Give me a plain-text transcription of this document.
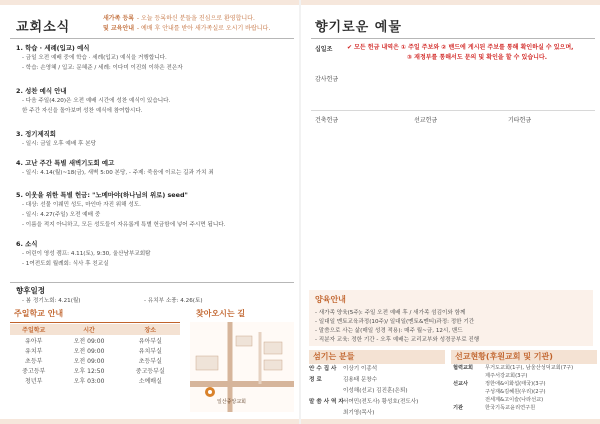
교회소식
새가족 등록 - 오늘 등록하신 분들을 진심으로 환영합니다.
및 교육안내 - 예배 후 안내를 받아 새가족실로 오시기 바랍니다.
1. 학습 · 세례(입교) 예식
- 금일 오전 예배 중에 학습 · 세례(입교) 예식을 거행합니다.
- 학습: 손영혜 / 입교: 문혜준 / 세례: 이다미 이진희 이하은 전은자
2. 성찬 예식 안내
- 다음 주일(4.20)은 오전 예배 시간에 성찬 예식이 있습니다.
한 주간 자신을 돌아보며 성찬 예식에 참여합시다.
3. 정기제직회
- 일시: 금일 오후 예배 후 본당
4. 고난 주간 특별 새벽기도회 예고
- 일시: 4.14(월)~18(금), 새벽 5:00 본당, - 주제: 죽음에 이르는 길과 가치 죄
5. 이웃을 위한 특별 헌금: "노메마야(하나님의 위로) seed"
- 대상: 선물 이웨민 성도, 마인마 자진 위해 성도.
- 일시: 4.27(주일) 오전 예배 중
- 이름을 적지 아니하고, 모든 성도들이 자유롭게 특별 헌금함에 넣어 주시면 됩니다.
6. 소식
- 어린이 영성 캠프: 4.11(토), 9:30, 울산남부교회탐
- 1여전도회 월례회: 식사 후 친교실
향후일정
- 봄 정기노회: 4.21(월)	- 유치부 소풍: 4.26(토)
주일학교 안내
주일학교	시간	장소
유아부	오전 09:00	유아부실
유치부	오전 09:00	유치부실
초등부	오전 09:00	초등부실
중고등부	오후 12:50	중고등부실
청년부	오후 03:00	소예배실
찾아오시는 길
일산중앙교회
향기로운 예물
십일조 ✔ 모든 헌금 내역은 ① 주일 주보와 ② 밴드에 게시된 주보를 통해 확인하실 수 있으며,
③ 재정부를 통해서도 문의 및 확인을 할 수 있습니다.
감사헌금
건축헌금	선교헌금	기타헌금
양육안내
- 새가족 양육(5주): 주일 오전 예배 후 / 새가족 섬김이와 함께
- 일대일 멘토교육과정(10주)/ 일대일(멘토&멘티)과정: 정한 기간
- 말씀으로 사는 삶(매일 성경 적용): 매주 월~금, 12시, 밴드
- 직분자 교육: 정한 기간 - 오후 예배는 교리교부와 성경공부로 진행
섬기는 분들
안 수 집 사 이상기 이종석
정 로	김용태 문창수
이성해(선교) 김진훈(은퇴)
말 씀 사 역 자서여민(전도사) 황성호(전도사)
최기영(목사)
선교현황(후원교회 및 기관)
협력교회 무거도교회(1구), 남울산성덕교회(7구)
제주서강교회(3구)
선교사	정한애&이화섭(태국)(3구)
구성재&김혜원(우리)(2구)
전세계&고이슬(나라선교)
기관	한국기독교윤리연구원
